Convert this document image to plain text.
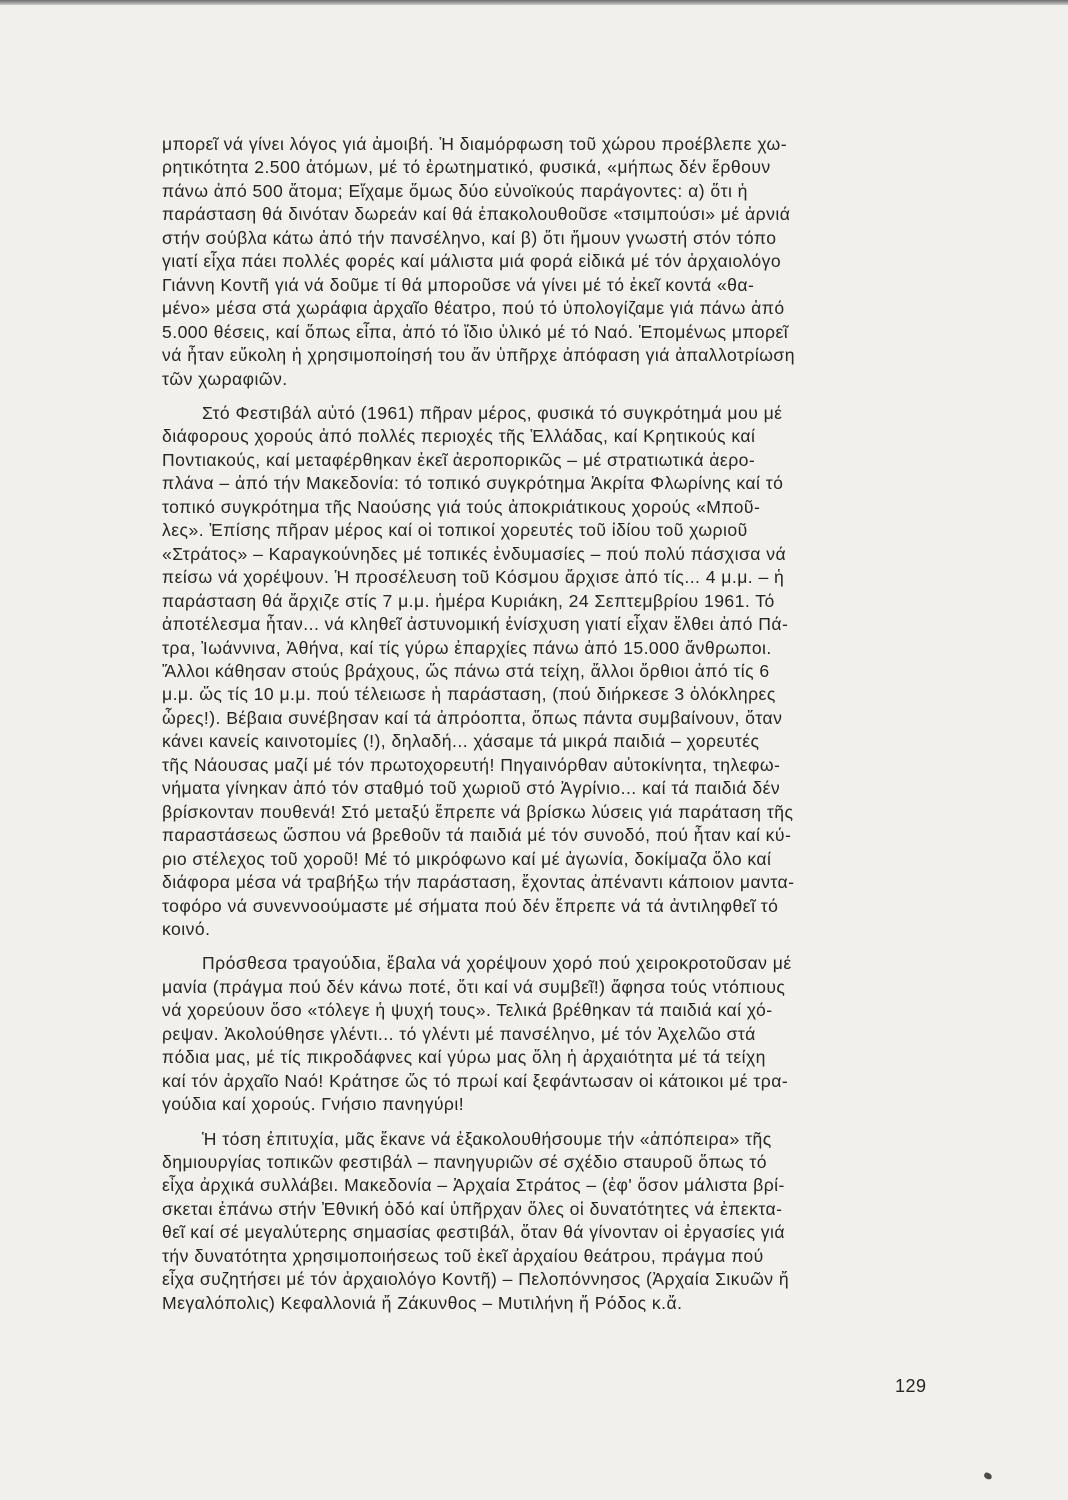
μπορεῖ νά γίνει λόγος γιά ἀμοιβή. Ἡ διαμόρφωση τοῦ χώρου προέβλεπε χω-
ρητικότητα 2.500 ἀτόμων, μέ τό ἐρωτηματικό, φυσικά, «μήπως δέν ἔρθουν
πάνω ἀπό 500 ἄτομα; Εἴχαμε ὅμως δύο εὐνοϊκούς παράγοντες: α) ὅτι ἡ
παράσταση θά δινόταν δωρεάν καί θά ἐπακολουθοῦσε «τσιμπούσι» μέ ἀρνιά
στήν σούβλα κάτω ἀπό τήν πανσέληνο, καί β) ὅτι ἤμουν γνωστή στόν τόπο
γιατί εἶχα πάει πολλές φορές καί μάλιστα μιά φορά εἰδικά μέ τόν ἀρχαιολόγο
Γιάννη Κοντῆ γιά νά δοῦμε τί θά μποροῦσε νά γίνει μέ τό ἐκεῖ κοντά «θα-
μένο» μέσα στά χωράφια ἀρχαῖο θέατρο, πού τό ὑπολογίζαμε γιά πάνω ἀπό
5.000 θέσεις, καί ὅπως εἶπα, ἀπό τό ἴδιο ὑλικό μέ τό Ναό. Ἑπομένως μπορεῖ
νά ἦταν εὔκολη ἡ χρησιμοποίησή του ἄν ὑπῆρχε ἀπόφαση γιά ἀπαλλοτρίωση
τῶν χωραφιῶν.

Στό Φεστιβάλ αὐτό (1961) πῆραν μέρος, φυσικά τό συγκρότημά μου μέ
διάφορους χορούς ἀπό πολλές περιοχές τῆς Ἑλλάδας, καί Κρητικούς καί
Ποντιακούς, καί μεταφέρθηκαν ἐκεῖ ἀεροπορικῶς – μέ στρατιωτικά ἀερο-
πλάνα – ἀπό τήν Μακεδονία: τό τοπικό συγκρότημα Ἀκρίτα Φλωρίνης καί τό
τοπικό συγκρότημα τῆς Ναούσης γιά τούς ἀποκριάτικους χορούς «Μποῦ-
λες». Ἐπίσης πῆραν μέρος καί οἱ τοπικοί χορευτές τοῦ ἰδίου τοῦ χωριοῦ
«Στράτος» – Καραγκούνηδες μέ τοπικές ἐνδυμασίες – πού πολύ πάσχισα νά
πείσω νά χορέψουν. Ἡ προσέλευση τοῦ Κόσμου ἄρχισε ἀπό τίς... 4 μ.μ. – ἡ
παράσταση θά ἄρχιζε στίς 7 μ.μ. ἡμέρα Κυριάκη, 24 Σεπτεμβρίου 1961. Τό
ἀποτέλεσμα ἦταν... νά κληθεῖ ἀστυνομική ἐνίσχυση γιατί εἶχαν ἔλθει ἀπό Πά-
τρα, Ἰωάννινα, Ἀθήνα, καί τίς γύρω ἐπαρχίες πάνω ἀπό 15.000 ἄνθρωποι.
Ἄλλοι κάθησαν στούς βράχους, ὥς πάνω στά τείχη, ἄλλοι ὄρθιοι ἀπό τίς 6
μ.μ. ὥς τίς 10 μ.μ. πού τέλειωσε ἡ παράσταση, (πού διήρκεσε 3 ὁλόκληρες
ὧρες!). Βέβαια συνέβησαν καί τά ἀπρόοπτα, ὅπως πάντα συμβαίνουν, ὅταν
κάνει κανείς καινοτομίες (!), δηλαδή... χάσαμε τά μικρά παιδιά – χορευτές
τῆς Νάουσας μαζί μέ τόν πρωτοχορευτή! Πηγαινόρθαν αὐτοκίνητα, τηλεφω-
νήματα γίνηκαν ἀπό τόν σταθμό τοῦ χωριοῦ στό Ἀγρίνιο... καί τά παιδιά δέν
βρίσκονταν πουθενά! Στό μεταξύ ἔπρεπε νά βρίσκω λύσεις γιά παράταση τῆς
παραστάσεως ὥσπου νά βρεθοῦν τά παιδιά μέ τόν συνοδό, πού ἦταν καί κύ-
ριο στέλεχος τοῦ χοροῦ! Μέ τό μικρόφωνο καί μέ ἀγωνία, δοκίμαζα ὅλο καί
διάφορα μέσα νά τραβήξω τήν παράσταση, ἔχοντας ἀπέναντι κάποιον μαντα-
τοφόρο νά συνεννοούμαστε μέ σήματα πού δέν ἔπρεπε νά τά ἀντιληφθεῖ τό
κοινό.

Πρόσθεσα τραγούδια, ἔβαλα νά χορέψουν χορό πού χειροκροτοῦσαν μέ
μανία (πράγμα πού δέν κάνω ποτέ, ὅτι καί νά συμβεῖ!) ἄφησα τούς ντόπιους
νά χορεύουν ὅσο «τόλεγε ἡ ψυχή τους». Τελικά βρέθηκαν τά παιδιά καί χό-
ρεψαν. Ἀκολούθησε γλέντι... τό γλέντι μέ πανσέληνο, μέ τόν Ἀχελῶο στά
πόδια μας, μέ τίς πικροδάφνες καί γύρω μας ὅλη ἡ ἀρχαιότητα μέ τά τείχη
καί τόν ἀρχαῖο Ναό! Κράτησε ὥς τό πρωί καί ξεφάντωσαν οἱ κάτοικοι μέ τρα-
γούδια καί χορούς. Γνήσιο πανηγύρι!

Ἡ τόση ἐπιτυχία, μᾶς ἔκανε νά ἐξακολουθήσουμε τήν «ἀπόπειρα» τῆς
δημιουργίας τοπικῶν φεστιβάλ – πανηγυριῶν σέ σχέδιο σταυροῦ ὅπως τό
εἶχα ἀρχικά συλλάβει. Μακεδονία – Ἀρχαία Στράτος – (ἐφ' ὅσον μάλιστα βρί-
σκεται ἐπάνω στήν Ἐθνική ὁδό καί ὑπῆρχαν ὅλες οἱ δυνατότητες νά ἐπεκτα-
θεῖ καί σέ μεγαλύτερης σημασίας φεστιβάλ, ὅταν θά γίνονταν οἱ ἐργασίες γιά
τήν δυνατότητα χρησιμοποιήσεως τοῦ ἐκεῖ ἀρχαίου θεάτρου, πράγμα πού
εἶχα συζητήσει μέ τόν ἀρχαιολόγο Κοντῆ) – Πελοπόννησος (Ἀρχαία Σικυῶν ἤ
Μεγαλόπολις) Κεφαλλονιά ἤ Ζάκυνθος – Μυτιλήνη ἤ Ρόδος κ.ἄ.

129
